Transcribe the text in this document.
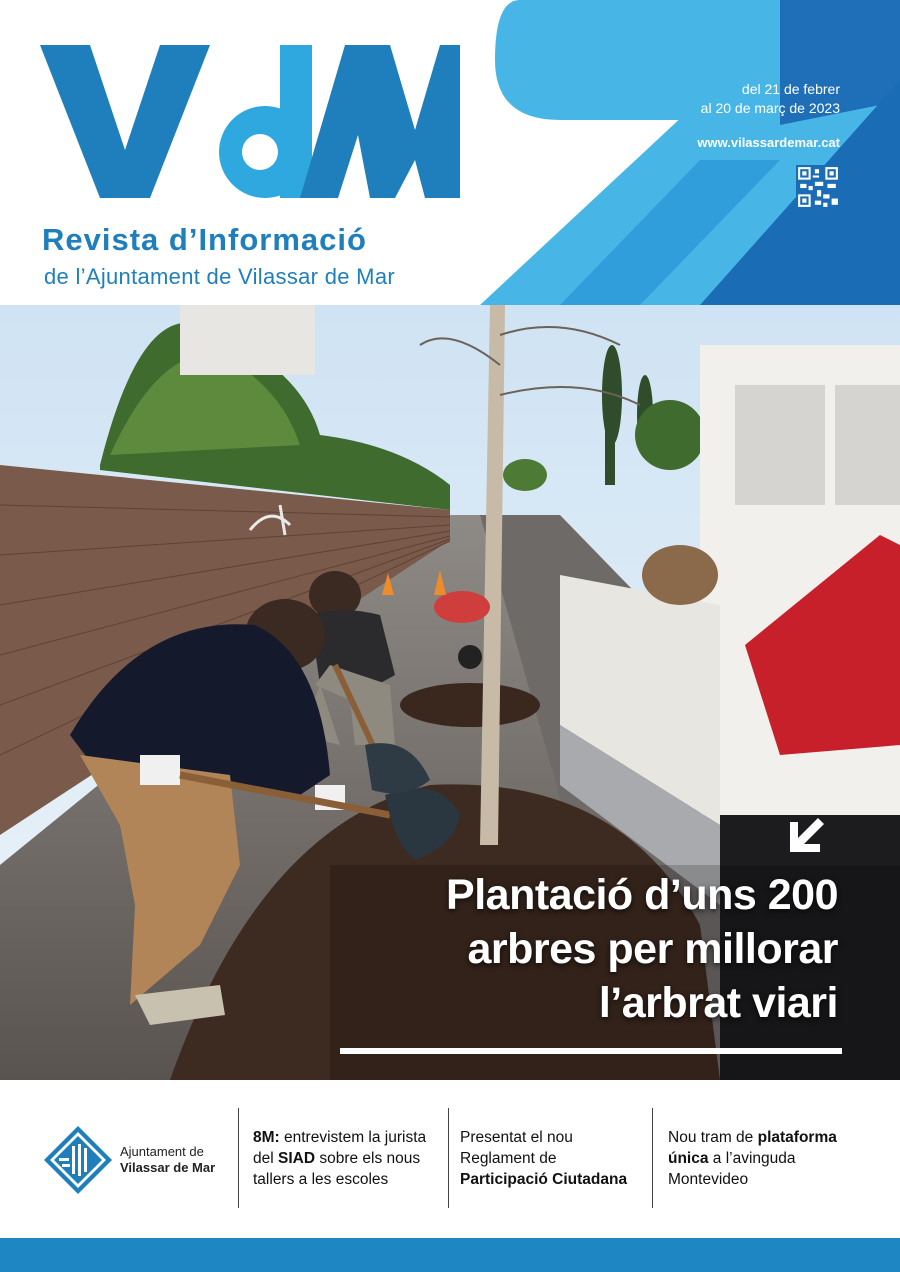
Revista d’Informació
de l’Ajuntament de Vilassar de Mar
del 21 de febrer
al 20 de març de 2023
www.vilassardemar.cat
Plantació d’uns 200
arbres per millorar
l’arbrat viari
Ajuntament de
Vilassar de Mar
8M: entrevistem la jurista del SIAD sobre els nous tallers a les escoles
Presentat el nou Reglament de Participació Ciutadana
Nou tram de plataforma única a l’avinguda Montevideo
